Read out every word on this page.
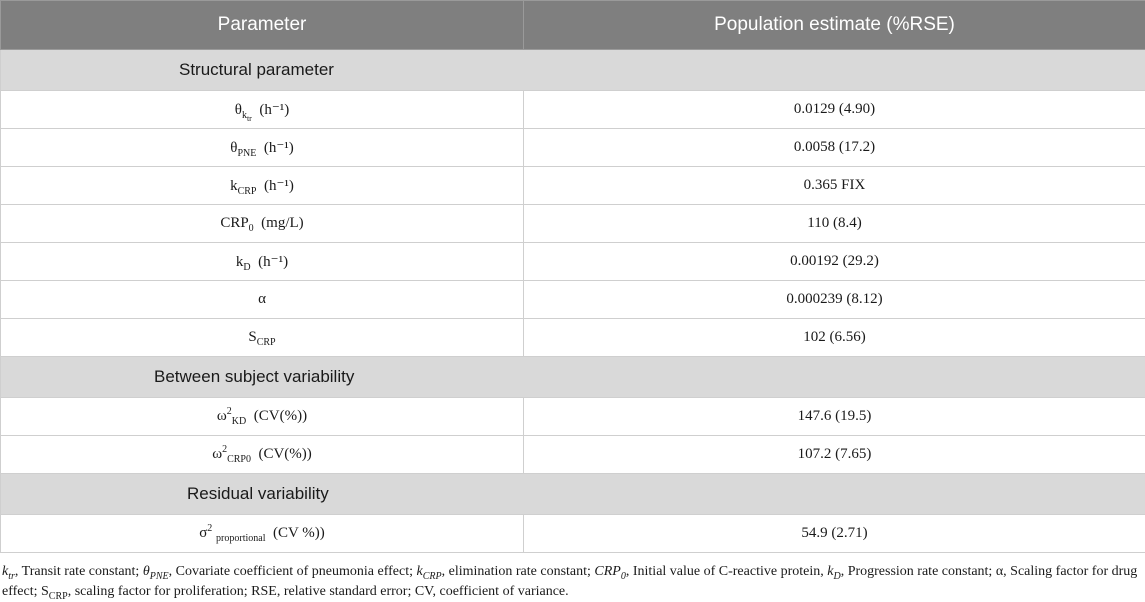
Parameter	Population estimate (%RSE)
Structural parameter	
$\theta_{k_{tr}}$  (h⁻¹)	0.0129 (4.90)
$\theta_{PNE}$ (h⁻¹)	0.0058 (17.2)
$k_{CRP}$ (h⁻¹)	0.365 FIX
$CRP_0$ (mg/L)	110 (8.4)
$k_D$ (h⁻¹)	0.00192 (29.2)
α	0.000239 (8.12)
$S_{CRP}$	102 (6.56)
Between subject variability	
$\omega^2_{KD}$ (CV(%))	147.6 (19.5)
$\omega^2_{CRP0}$ (CV(%))	107.2 (7.65)
Residual variability	
$\sigma^2$ $_{proportional}$ (CV %))	54.9 (2.71)
$k_{tr}$, Transit rate constant; $\theta_{PNE}$, Covariate coefficient of pneumonia effect; $k_{CRP}$, elimination rate constant; $CRP_0$, Initial value of C-reactive protein, $k_D$, Progression rate constant; α, Scaling factor for drug effect; $S_{CRP}$, scaling factor for proliferation; RSE, relative standard error; CV, coefficient of variance.
